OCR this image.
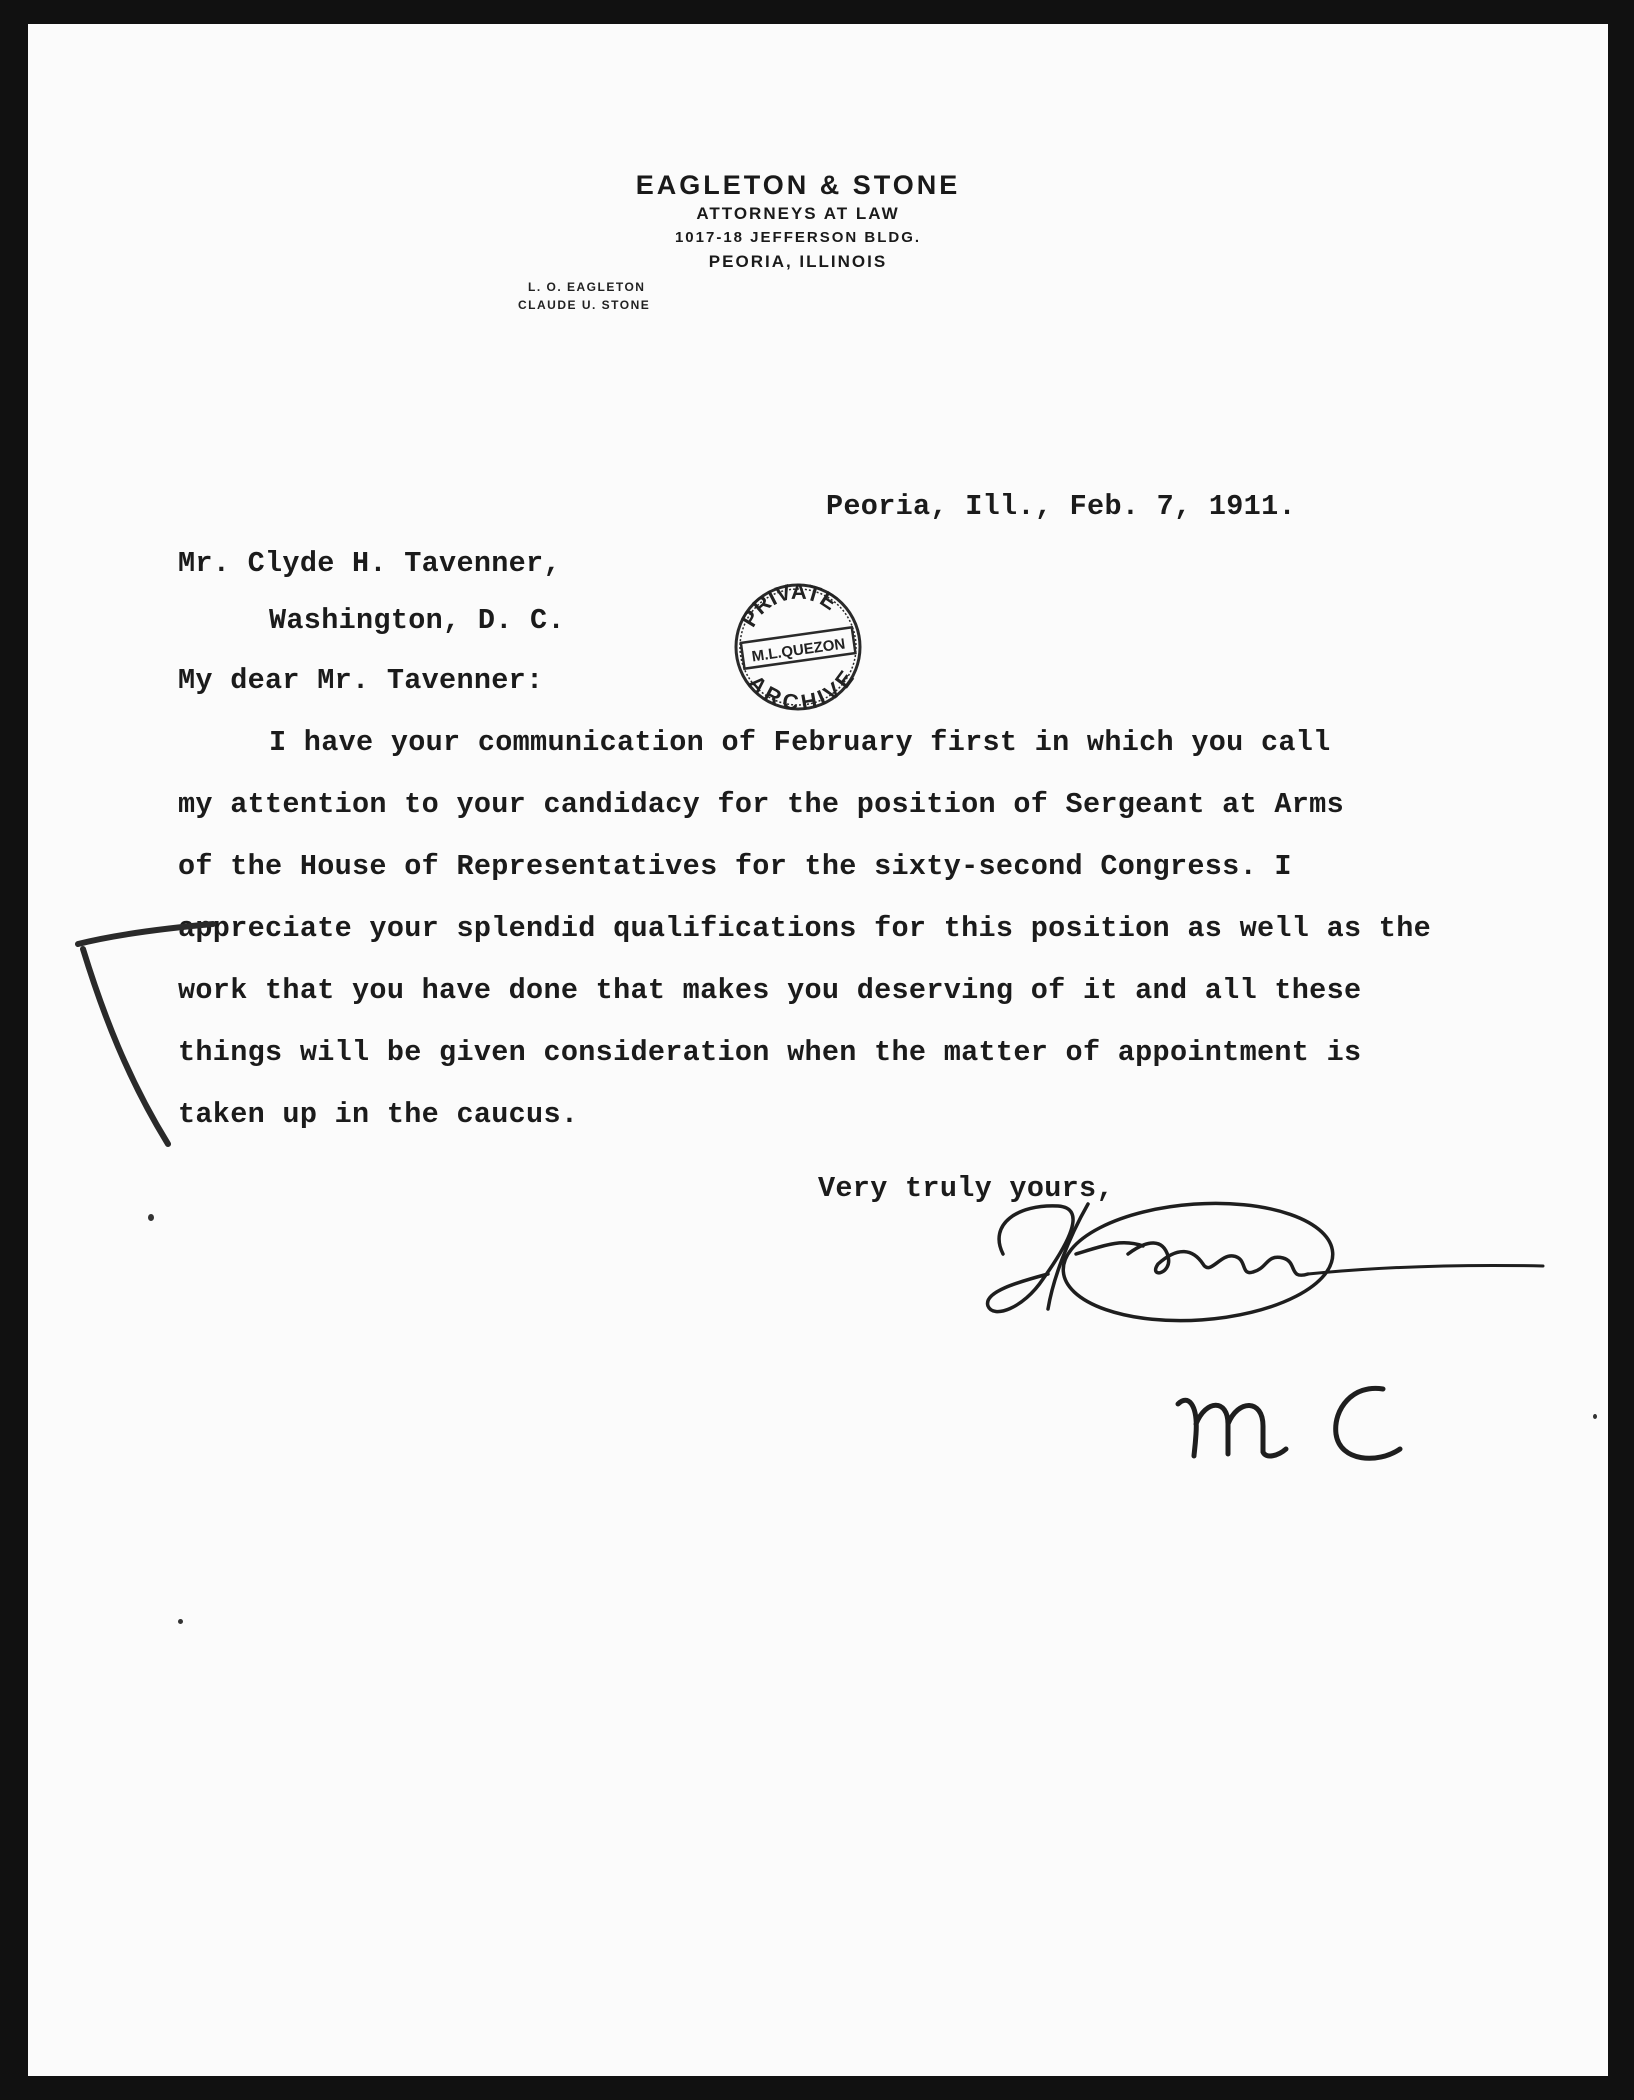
EAGLETON & STONE
ATTORNEYS AT LAW
1017-18 JEFFERSON BLDG.
PEORIA, ILLINOIS
L. O. EAGLETON
CLAUDE U. STONE
Peoria, Ill., Feb. 7, 1911.
Mr. Clyde H. Tavenner,
Washington, D. C.
My dear Mr. Tavenner:
I have your communication of February first in which you call
my attention to your candidacy for the position of Sergeant at Arms
of the House of Representatives for the sixty-second Congress. I
appreciate your splendid qualifications for this position as well as the
work that you have done that makes you deserving of it and all these
things will be given consideration when the matter of appointment is
taken up in the caucus.
Very truly yours,
PRIVATE
M.L.QUEZON
ARCHIVE
